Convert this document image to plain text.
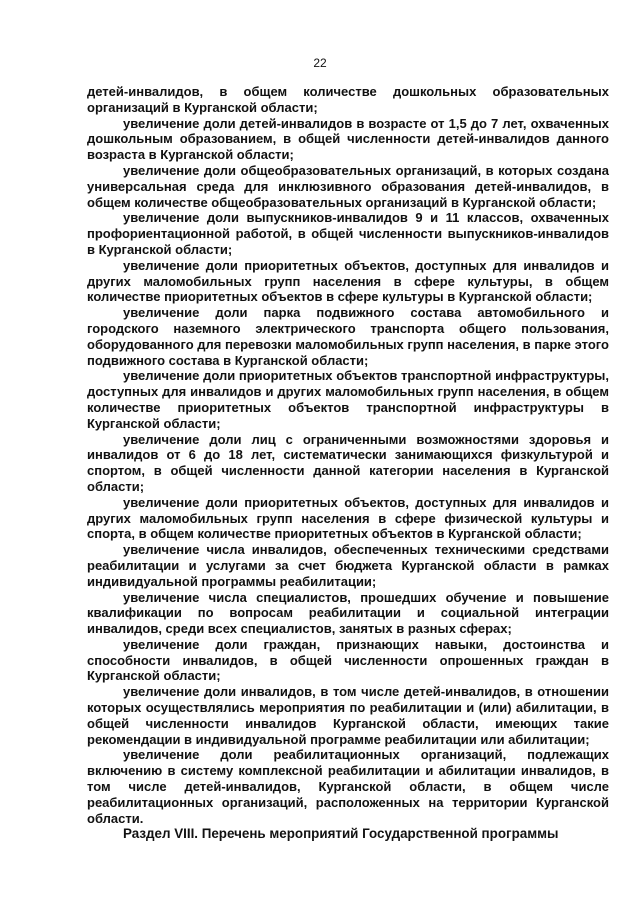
22

детей-инвалидов, в общем количестве дошкольных образовательных организаций в Курганской области;

увеличение доли детей-инвалидов в возрасте от 1,5 до 7 лет, охваченных дошкольным образованием, в общей численности детей-инвалидов данного возраста в Курганской области;

увеличение доли общеобразовательных организаций, в которых создана универсальная среда для инклюзивного образования детей-инвалидов, в общем количестве общеобразовательных организаций в Курганской области;

увеличение доли выпускников-инвалидов 9 и 11 классов, охваченных профориентационной работой, в общей численности выпускников-инвалидов в Курганской области;

увеличение доли приоритетных объектов, доступных для инвалидов и других маломобильных групп населения в сфере культуры, в общем количестве приоритетных объектов в сфере культуры в Курганской области;

увеличение доли парка подвижного состава автомобильного и городского наземного электрического транспорта общего пользования, оборудованного для перевозки маломобильных групп населения, в парке этого подвижного состава в Курганской области;

увеличение доли приоритетных объектов транспортной инфраструктуры, доступных для инвалидов и других маломобильных групп населения, в общем количестве приоритетных объектов транспортной инфраструктуры в Курганской области;

увеличение доли лиц с ограниченными возможностями здоровья и инвалидов от 6 до 18 лет, систематически занимающихся физкультурой и спортом, в общей численности данной категории населения в Курганской области;

увеличение доли приоритетных объектов, доступных для инвалидов и других маломобильных групп населения в сфере физической культуры и спорта, в общем количестве приоритетных объектов в Курганской области;

увеличение числа инвалидов, обеспеченных техническими средствами реабилитации и услугами за счет бюджета Курганской области в рамках индивидуальной программы реабилитации;

увеличение числа специалистов, прошедших обучение и повышение квалификации по вопросам реабилитации и социальной интеграции инвалидов, среди всех специалистов, занятых в разных сферах;

увеличение доли граждан, признающих навыки, достоинства и способности инвалидов, в общей численности опрошенных граждан в Курганской области;

увеличение доли инвалидов, в том числе детей-инвалидов, в отношении которых осуществлялись мероприятия по реабилитации и (или) абилитации, в общей численности инвалидов Курганской области, имеющих такие рекомендации в индивидуальной программе реабилитации или абилитации;

увеличение доли реабилитационных организаций, подлежащих включению в систему комплексной реабилитации и абилитации инвалидов, в том числе детей-инвалидов, Курганской области, в общем числе реабилитационных организаций, расположенных на территории Курганской области.

Раздел VIII. Перечень мероприятий Государственной программы
